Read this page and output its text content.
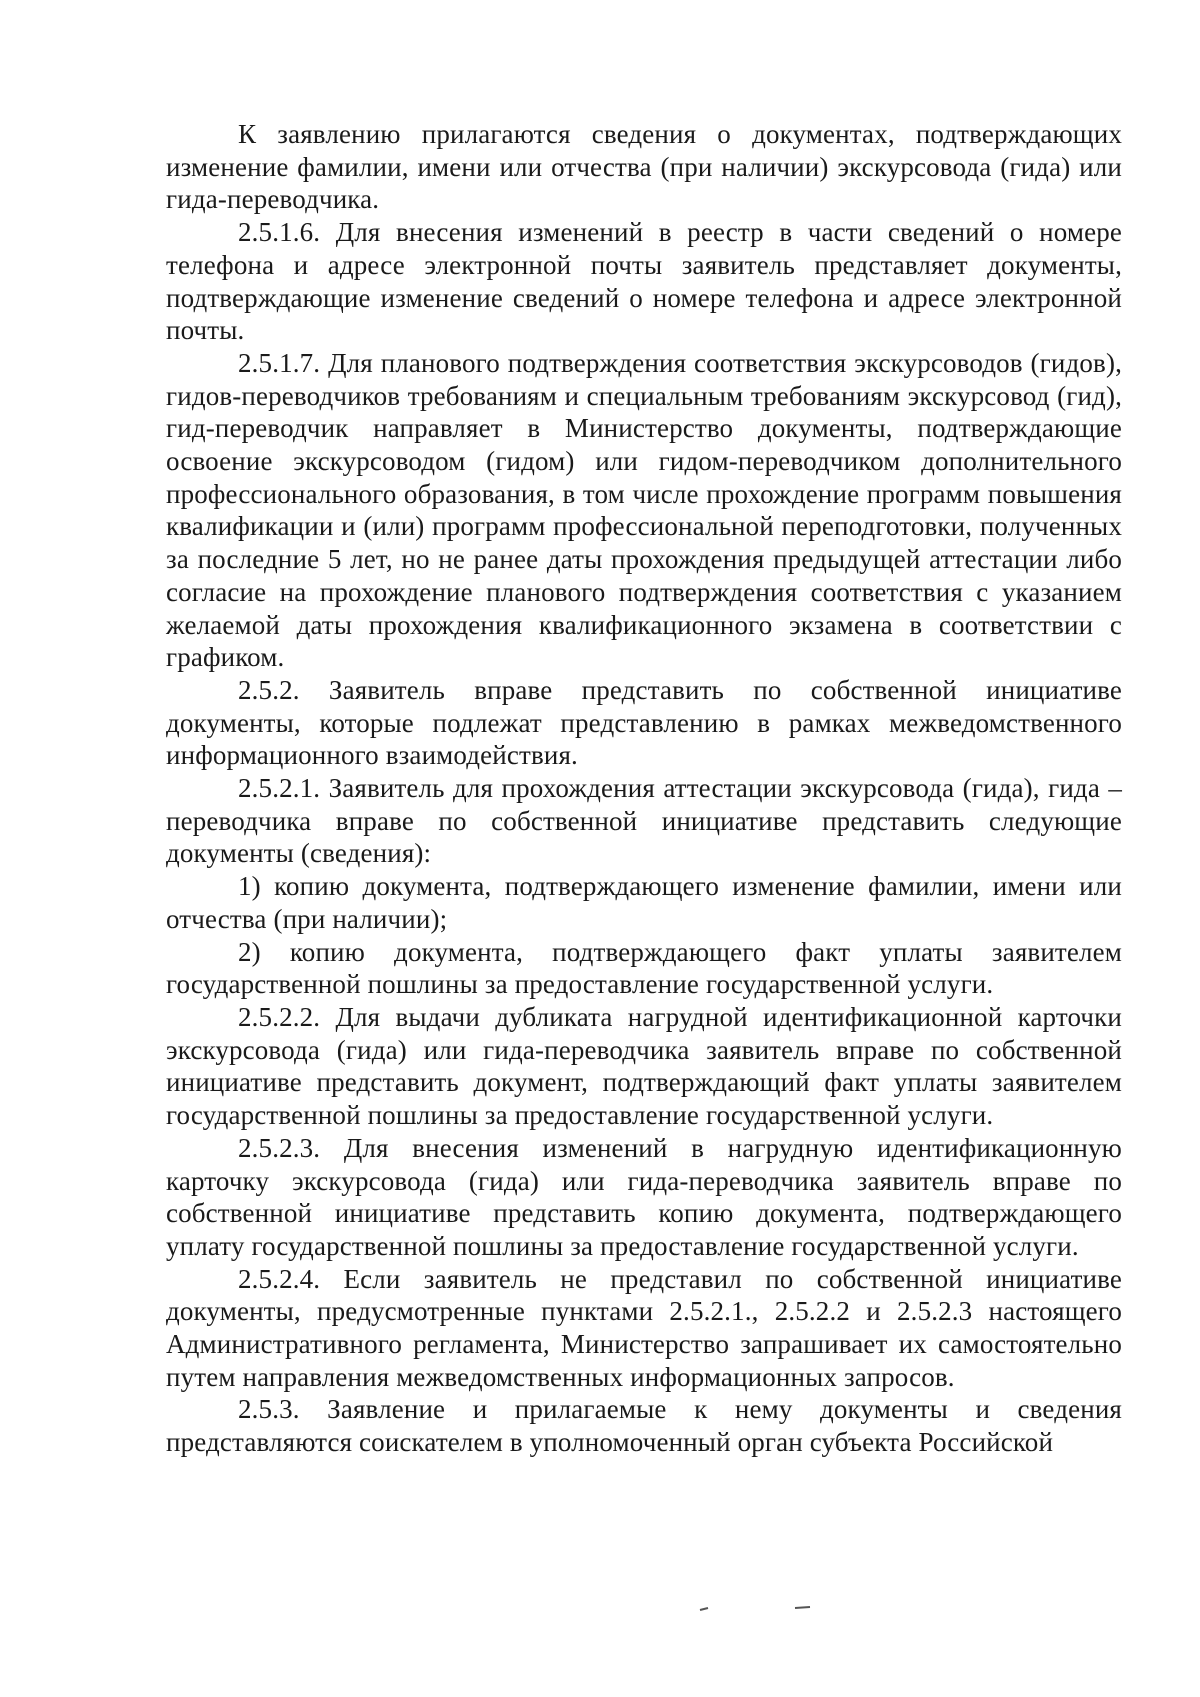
К заявлению прилагаются сведения о документах, подтверждающих изменение фамилии, имени или отчества (при наличии) экскурсовода (гида) или гида-переводчика.

2.5.1.6. Для внесения изменений в реестр в части сведений о номере телефона и адресе электронной почты заявитель представляет документы, подтверждающие изменение сведений о номере телефона и адресе электронной почты.

2.5.1.7. Для планового подтверждения соответствия экскурсоводов (гидов), гидов-переводчиков требованиям и специальным требованиям экскурсовод (гид), гид-переводчик направляет в Министерство документы, подтверждающие освоение экскурсоводом (гидом) или гидом-переводчиком дополнительного профессионального образования, в том числе прохождение программ повышения квалификации и (или) программ профессиональной переподготовки, полученных за последние 5 лет, но не ранее даты прохождения предыдущей аттестации либо согласие на прохождение планового подтверждения соответствия с указанием желаемой даты прохождения квалификационного экзамена в соответствии с графиком.

2.5.2. Заявитель вправе представить по собственной инициативе документы, которые подлежат представлению в рамках межведомственного информационного взаимодействия.

2.5.2.1. Заявитель для прохождения аттестации экскурсовода (гида), гида – переводчика вправе по собственной инициативе представить следующие документы (сведения):

1) копию документа, подтверждающего изменение фамилии, имени или отчества (при наличии);

2) копию документа, подтверждающего факт уплаты заявителем государственной пошлины за предоставление государственной услуги.

2.5.2.2. Для выдачи дубликата нагрудной идентификационной карточки экскурсовода (гида) или гида-переводчика заявитель вправе по собственной инициативе представить документ, подтверждающий факт уплаты заявителем государственной пошлины за предоставление государственной услуги.

2.5.2.3. Для внесения изменений в нагрудную идентификационную карточку экскурсовода (гида) или гида-переводчика заявитель вправе по собственной инициативе представить копию документа, подтверждающего уплату государственной пошлины за предоставление государственной услуги.

2.5.2.4. Если заявитель не представил по собственной инициативе документы, предусмотренные пунктами 2.5.2.1., 2.5.2.2 и 2.5.2.3 настоящего Административного регламента, Министерство запрашивает их самостоятельно путем направления межведомственных информационных запросов.

2.5.3. Заявление и прилагаемые к нему документы и сведения представляются соискателем в уполномоченный орган субъекта Российской
